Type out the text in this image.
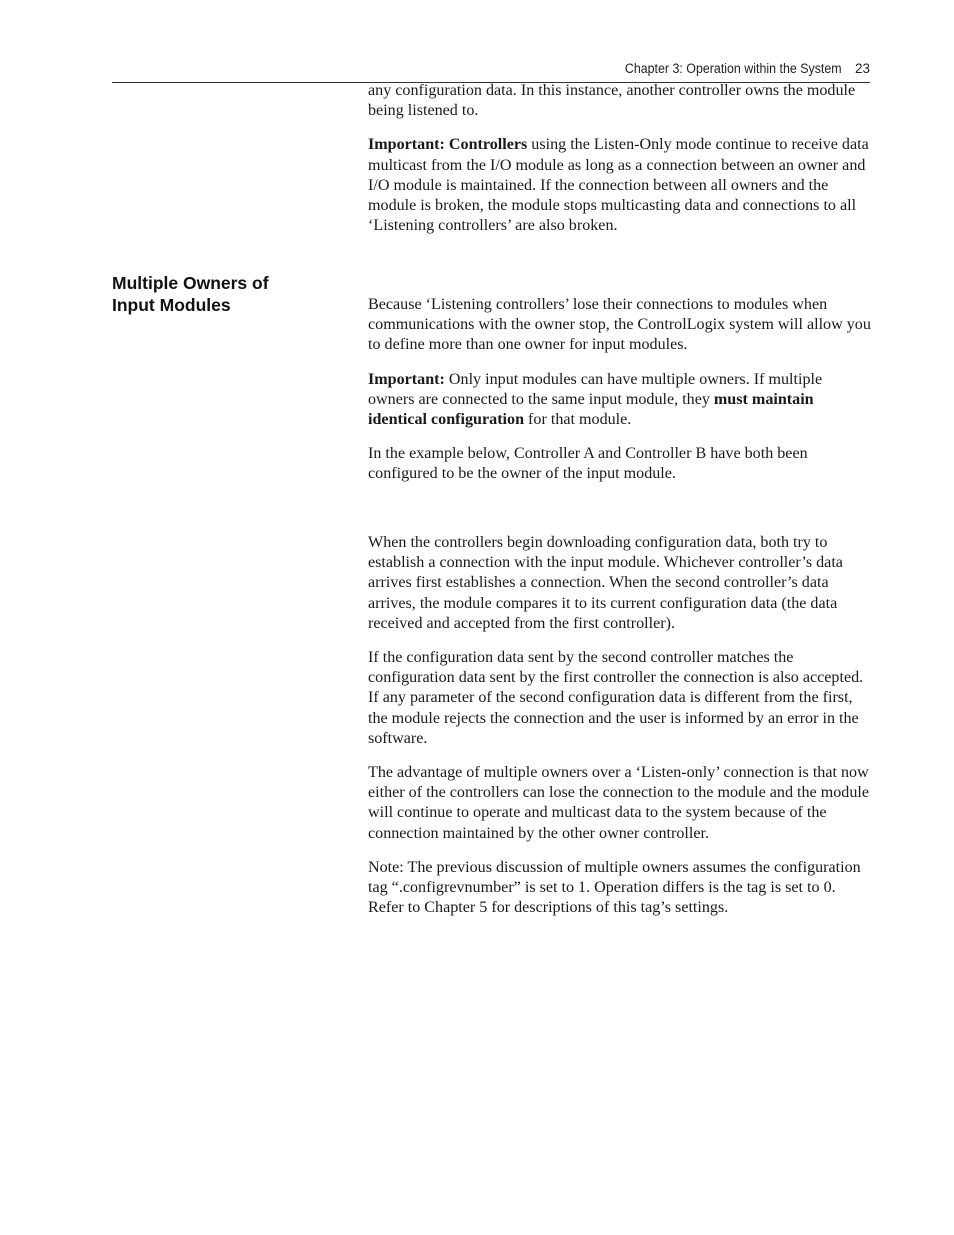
Chapter 3: Operation within the System 23

any configuration data. In this instance, another controller owns the module being listened to.

Important: Controllers using the Listen-Only mode continue to receive data multicast from the I/O module as long as a connection between an owner and I/O module is maintained. If the connection between all owners and the module is broken, the module stops multicasting data and connections to all ‘Listening controllers’ are also broken.

Multiple Owners of
Input Modules	Because ‘Listening controllers’ lose their connections to modules when communications with the owner stop, the ControlLogix system will allow you to define more than one owner for input modules.

Important: Only input modules can have multiple owners. If multiple owners are connected to the same input module, they must maintain identical configuration for that module.

In the example below, Controller A and Controller B have both been configured to be the owner of the input module.

When the controllers begin downloading configuration data, both try to establish a connection with the input module. Whichever controller’s data arrives first establishes a connection. When the second controller’s data arrives, the module compares it to its current configuration data (the data received and accepted from the first controller).

If the configuration data sent by the second controller matches the configuration data sent by the first controller the connection is also accepted. If any parameter of the second configuration data is different from the first, the module rejects the connection and the user is informed by an error in the software.

The advantage of multiple owners over a ‘Listen-only’ connection is that now either of the controllers can lose the connection to the module and the module will continue to operate and multicast data to the system because of the connection maintained by the other owner controller.

Note: The previous discussion of multiple owners assumes the configuration tag “.configrevnumber” is set to 1. Operation differs is the tag is set to 0. Refer to Chapter 5 for descriptions of this tag’s settings.
